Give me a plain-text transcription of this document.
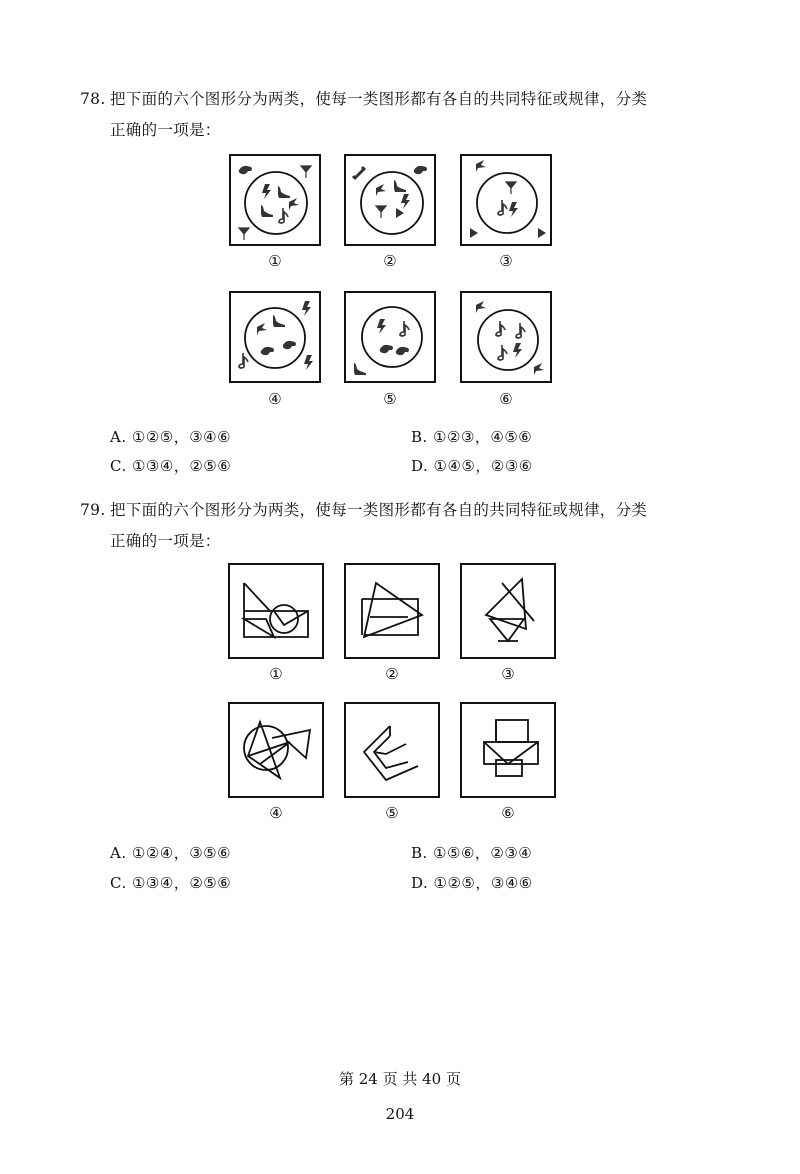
78. 把下面的六个图形分为两类，使每一类图形都有各自的共同特征或规律，分类
正确的一项是：
①	②	③
④	⑤	⑥
A. ①②⑤，③④⑥	B. ①②③，④⑤⑥
C. ①③④，②⑤⑥	D. ①④⑤，②③⑥
79. 把下面的六个图形分为两类，使每一类图形都有各自的共同特征或规律，分类
正确的一项是：
①	②	③
④	⑤	⑥
A. ①②④，③⑤⑥	B. ①⑤⑥，②③④
C. ①③④，②⑤⑥	D. ①②⑤，③④⑥
第 24 页 共 40 页
204
